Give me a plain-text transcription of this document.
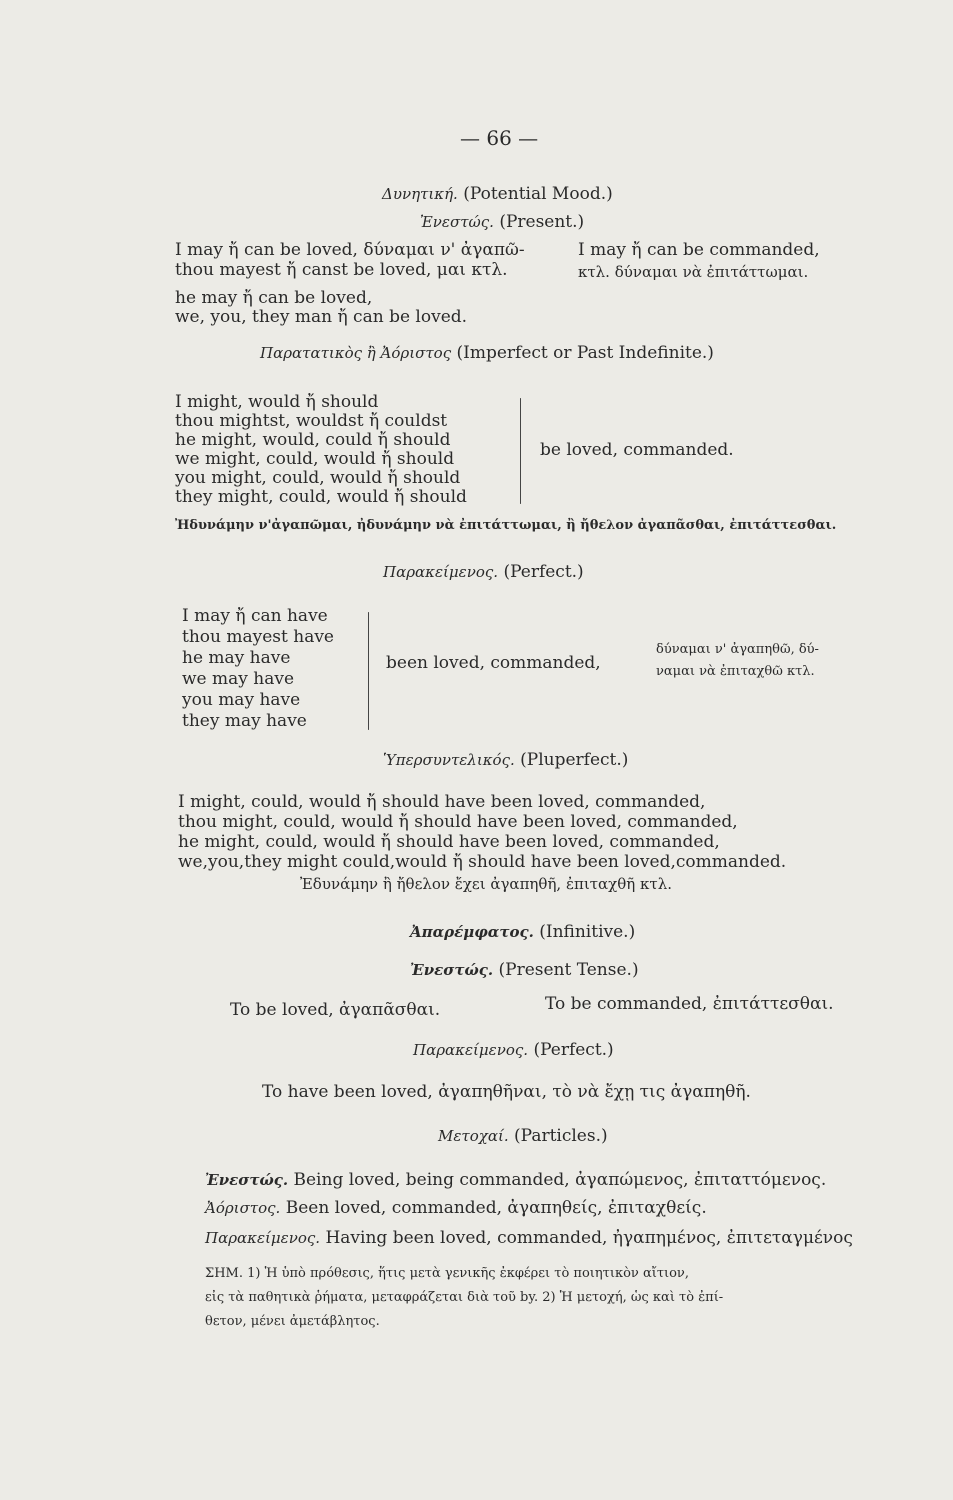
— 66 —
Δυνητική. (Potential Mood.)
Ἐνεστώς. (Present.)
I may ἤ can be loved, δύναμαι ν' ἀγαπῶ-
thou mayest ἤ canst be loved, μαι κτλ.
he may ἤ can be loved,
we, you, they man ἤ can be loved.
I may ἤ can be commanded,
κτλ. δύναμαι νὰ ἐπιτάττωμαι.
Παρατατικὸς ἢ Ἀόριστος (Imperfect or Past Indefinite.)
I might, would ἤ should
thou mightst, wouldst ἤ couldst
he might, would, could ἤ should
we might, could, would ἤ should
you might, could, would ἤ should
they might, could, would ἤ should
be loved, commanded.
Ἠδυνάμην ν'ἀγαπῶμαι, ἠδυνάμην νὰ ἐπιτάττωμαι, ἢ ἤθελον ἀγαπᾶσθαι, ἐπιτάττεσθαι.
Παρακείμενος. (Perfect.)
I may ἤ can have
thou mayest have
he may have
we may have
you may have
they may have
been loved, commanded,
δύναμαι ν' ἀγαπηθῶ, δύ-
ναμαι νὰ ἐπιταχθῶ κτλ.
Ὑπερσυντελικός. (Pluperfect.)
I might, could, would ἤ should have been loved, commanded,
thou might, could, would ἤ should have been loved, commanded,
he might, could, would ἤ should have been loved, commanded,
we,you,they might could,would ἤ should have been loved,commanded.
Ἐδυνάμην ἢ ἤθελον ἔχει ἀγαπηθῆ, ἐπιταχθῆ κτλ.
Ἀπαρέμφατος. (Infinitive.)
Ἐνεστώς. (Present Tense.)
To be loved, ἀγαπᾶσθαι.	To be commanded, ἐπιτάττεσθαι.
Παρακείμενος. (Perfect.)
To have been loved, ἀγαπηθῆναι, τὸ νὰ ἔχῃ τις ἀγαπηθῆ.
Μετοχαί. (Particles.)
Ἐνεστώς. Being loved, being commanded, ἀγαπώμενος, ἐπιταττόμενος.
Ἀόριστος. Been loved, commanded, ἀγαπηθείς, ἐπιταχθείς.
Παρακείμενος. Having been loved, commanded, ἠγαπημένος, ἐπιτεταγμένος
ΣΗΜ. 1) Ἡ ὑπὸ πρόθεσις, ἥτις μετὰ γενικῆς ἐκφέρει τὸ ποιητικὸν αἴτιον,
εἰς τὰ παθητικὰ ῥήματα, μεταφράζεται διὰ τοῦ by. 2) Ἡ μετοχή, ὡς καὶ τὸ ἐπί-
θετον, μένει ἀμετάβλητος.
